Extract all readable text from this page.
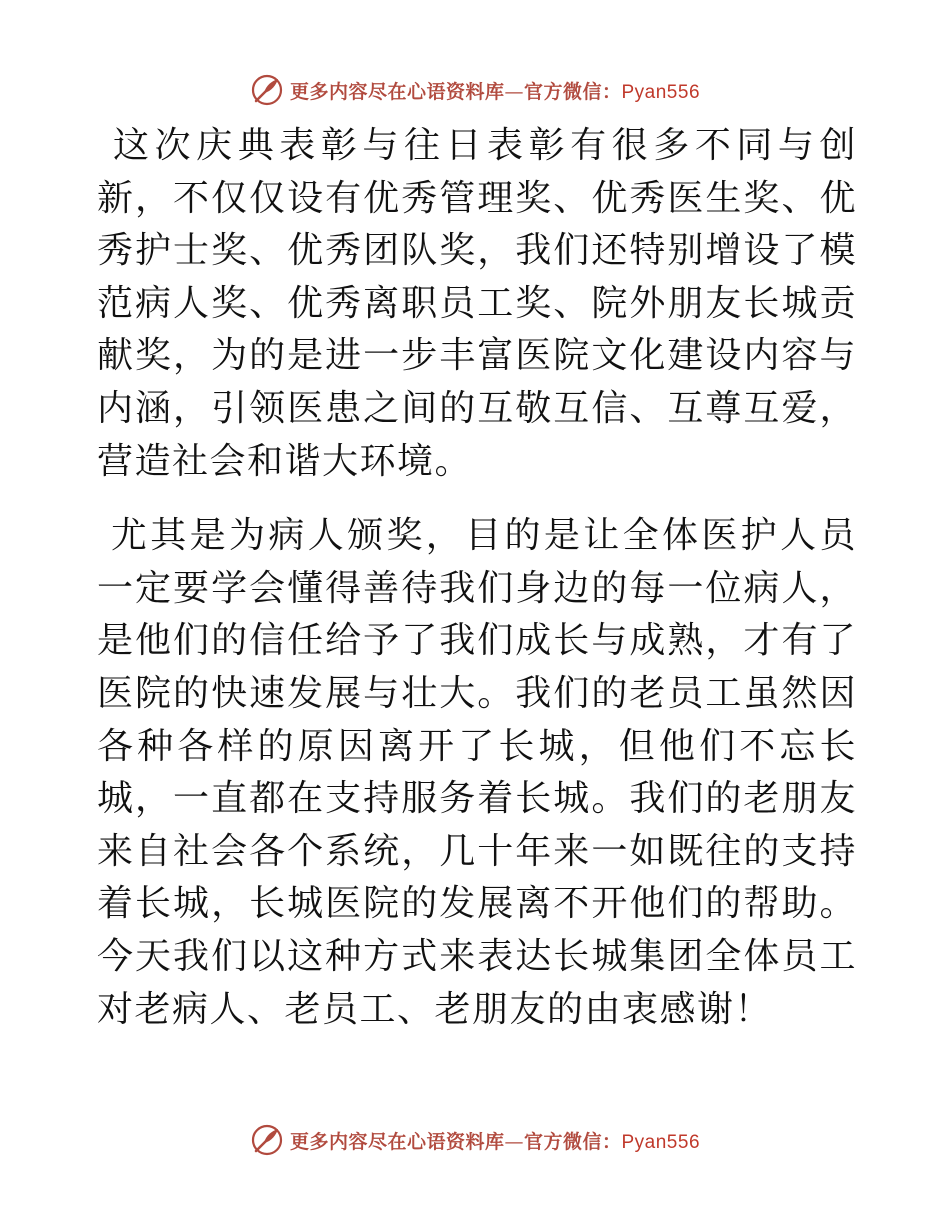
更多内容尽在心语资料库—官方微信：Pyan556

这次庆典表彰与往日表彰有很多不同与创新，不仅仅设有优秀管理奖、优秀医生奖、优秀护士奖、优秀团队奖，我们还特别增设了模范病人奖、优秀离职员工奖、院外朋友长城贡献奖，为的是进一步丰富医院文化建设内容与内涵，引领医患之间的互敬互信、互尊互爱，营造社会和谐大环境。

尤其是为病人颁奖，目的是让全体医护人员一定要学会懂得善待我们身边的每一位病人，是他们的信任给予了我们成长与成熟，才有了医院的快速发展与壮大。我们的老员工虽然因各种各样的原因离开了长城，但他们不忘长城，一直都在支持服务着长城。我们的老朋友来自社会各个系统，几十年来一如既往的支持着长城，长城医院的发展离不开他们的帮助。今天我们以这种方式来表达长城集团全体员工对老病人、老员工、老朋友的由衷感谢！

更多内容尽在心语资料库—官方微信：Pyan556
